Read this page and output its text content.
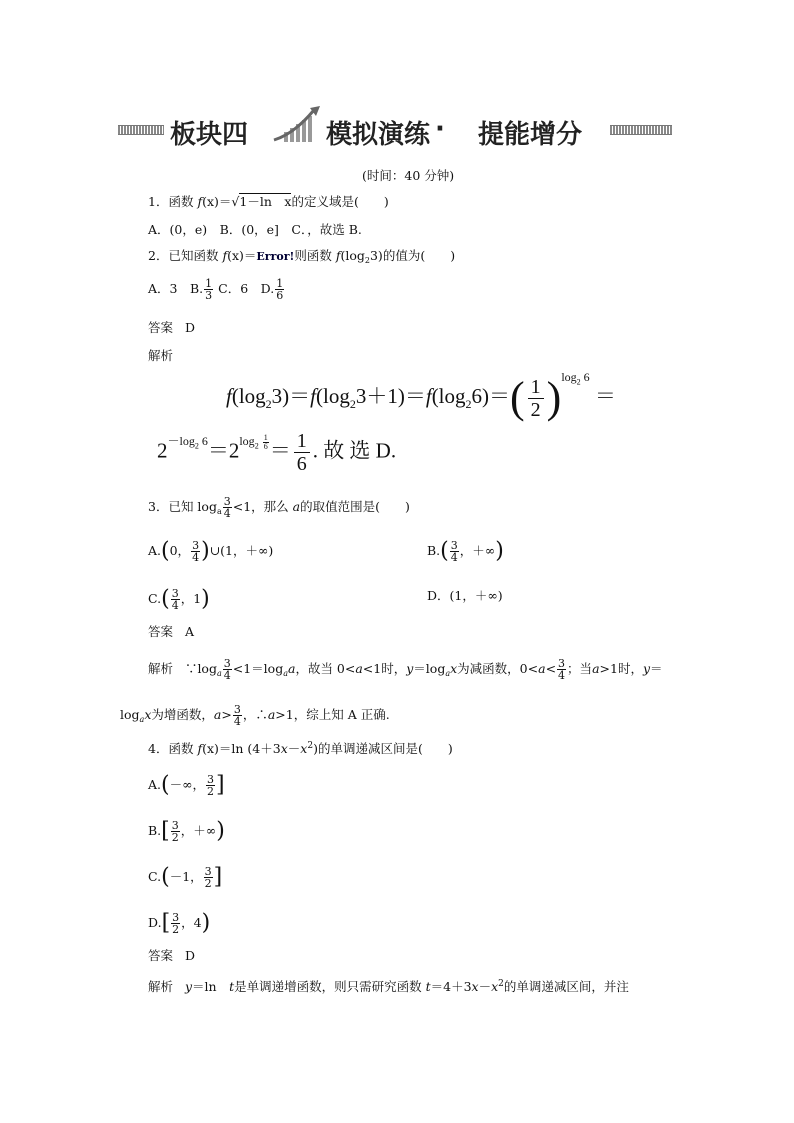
板块四	模拟演练 · 提能增分
(时间：40 分钟)
1．函数 f(x)＝√1－ln　x的定义域是(　　)
A．(0，e)　B．(0，e]　C．，故选 B.
2．已知函数 f(x)＝Error!则函数 $f(\log_23)$的值为(　　)
A．3　B. $\frac{1}{3}$ C．6　D. $\frac{1}{6}$
答案 D
解析
$f(\log_23)=f(\log_23+1)=f(\log_26)=( \frac{1}{2} )^{log_2 6}$ ＝
$2^{-log_2 6}=2^{log_2 \frac{1}{6}} = \frac{1}{6}$ . 故 选 D.
3．已知 $\log_a \frac{3}{4} <1$，那么 a的取值范围是(　　)
A.(0， $\frac{3}{4}$ )∪(1，＋∞)	$B.( \frac{3}{4}$ ，＋∞)
$C.( \frac{3}{4}$ ，1)	D．(1，＋∞)
答案 A
解析 $\because\log_a \frac{3}{4} <1=\log_aa$，故当 0<a<1时，$y=\log_ax$为减函数，$0<a< \frac{3}{4}$ ；当a>1时，y＝
$\log_ax$为增函数，$a> \frac{3}{4}$ ，∴a>1，综上知 A 正确.
4．函数 f(x)＝ln $(4+3x-x^2)$的单调递减区间是(　　)
A.(－∞， $\frac{3}{2}$ ]
$B.[ \frac{3}{2}$ ，＋∞)
C.(－1， $\frac{3}{2}$ ]
$D.[ \frac{3}{2}$ ，4)
答案 D
解析 y＝ln　t是单调递增函数，则只需研究函数 $t=4+3x-x^2$的单调递减区间，并注
